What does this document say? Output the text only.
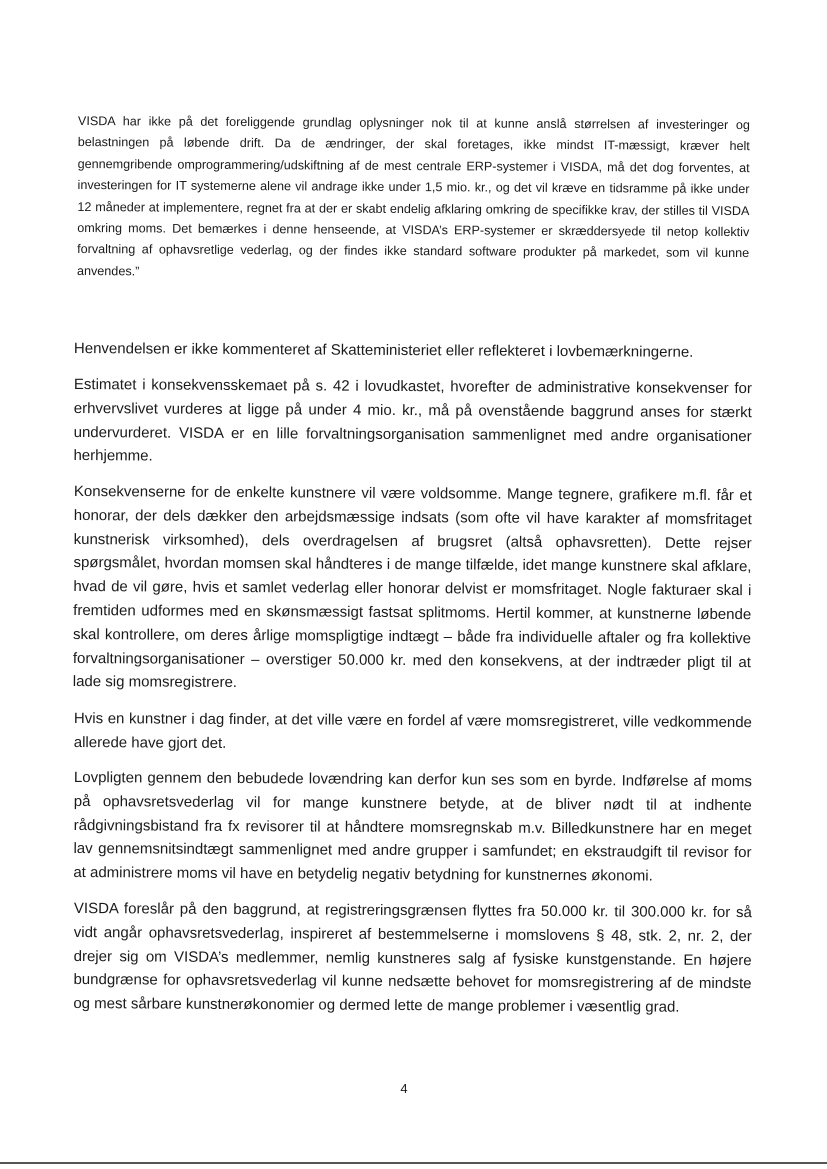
VISDA har ikke på det foreliggende grundlag oplysninger nok til at kunne anslå størrelsen af investeringer og belastningen på løbende drift. Da de ændringer, der skal foretages, ikke mindst IT-mæssigt, kræver helt gennemgribende omprogrammering/udskiftning af de mest centrale ERP-systemer i VISDA, må det dog forventes, at investeringen for IT systemerne alene vil andrage ikke under 1,5 mio. kr., og det vil kræve en tidsramme på ikke under 12 måneder at implementere, regnet fra at der er skabt endelig afklaring omkring de specifikke krav, der stilles til VISDA omkring moms. Det bemærkes i denne henseende, at VISDA’s ERP-systemer er skræddersyede til netop kollektiv forvaltning af ophavsretlige vederlag, og der findes ikke standard software produkter på markedet, som vil kunne anvendes.”

Henvendelsen er ikke kommenteret af Skatteministeriet eller reflekteret i lovbemærkningerne.

Estimatet i konsekvensskemaet på s. 42 i lovudkastet, hvorefter de administrative konsekvenser for erhvervslivet vurderes at ligge på under 4 mio. kr., må på ovenstående baggrund anses for stærkt undervurderet. VISDA er en lille forvaltningsorganisation sammenlignet med andre organisationer herhjemme.

Konsekvenserne for de enkelte kunstnere vil være voldsomme. Mange tegnere, grafikere m.fl. får et honorar, der dels dækker den arbejdsmæssige indsats (som ofte vil have karakter af momsfritaget kunstnerisk virksomhed), dels overdragelsen af brugsret (altså ophavsretten). Dette rejser spørgsmålet, hvordan momsen skal håndteres i de mange tilfælde, idet mange kunstnere skal afklare, hvad de vil gøre, hvis et samlet vederlag eller honorar delvist er momsfritaget. Nogle fakturaer skal i fremtiden udformes med en skønsmæssigt fastsat splitmoms. Hertil kommer, at kunstnerne løbende skal kontrollere, om deres årlige momspligtige indtægt – både fra individuelle aftaler og fra kollektive forvaltningsorganisationer – overstiger 50.000 kr. med den konsekvens, at der indtræder pligt til at lade sig momsregistrere.

Hvis en kunstner i dag finder, at det ville være en fordel af være momsregistreret, ville vedkommende allerede have gjort det.

Lovpligten gennem den bebudede lovændring kan derfor kun ses som en byrde. Indførelse af moms på ophavsretsvederlag vil for mange kunstnere betyde, at de bliver nødt til at indhente rådgivningsbistand fra fx revisorer til at håndtere momsregnskab m.v. Billedkunstnere har en meget lav gennemsnitsindtægt sammenlignet med andre grupper i samfundet; en ekstraudgift til revisor for at administrere moms vil have en betydelig negativ betydning for kunstnernes økonomi.

VISDA foreslår på den baggrund, at registreringsgrænsen flyttes fra 50.000 kr. til 300.000 kr. for så vidt angår ophavsretsvederlag, inspireret af bestemmelserne i momslovens § 48, stk. 2, nr. 2, der drejer sig om VISDA’s medlemmer, nemlig kunstneres salg af fysiske kunstgenstande. En højere bundgrænse for ophavsretsvederlag vil kunne nedsætte behovet for momsregistrering af de mindste og mest sårbare kunstnerøkonomier og dermed lette de mange problemer i væsentlig grad.

4
